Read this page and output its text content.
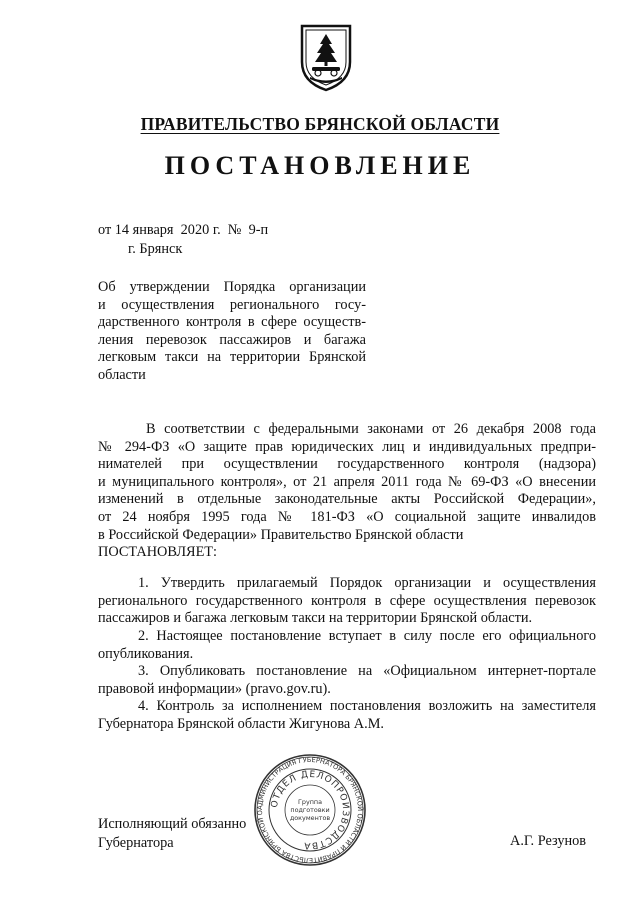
ПРАВИТЕЛЬСТВО БРЯНСКОЙ ОБЛАСТИ
ПОСТАНОВЛЕНИЕ
от 14 января  2020 г.  №  9-п
г. Брянск
Об утверждении Порядка организации
и осуществления регионального госу-
дарственного контроля в сфере осуществ-
ления перевозок пассажиров и багажа
легковым такси на территории Брянской
области
В соответствии с федеральными законами от 26 декабря 2008 года
№ 294-ФЗ «О защите прав юридических лиц и индивидуальных предпри-
нимателей при осуществлении государственного контроля (надзора)
и муниципального контроля», от 21 апреля 2011 года № 69-ФЗ «О внесении
изменений в отдельные законодательные акты Российской Федерации»,
от 24 ноября 1995 года № 181-ФЗ «О социальной защите инвалидов
в Российской Федерации» Правительство Брянской области
ПОСТАНОВЛЯЕТ:
1. Утвердить прилагаемый Порядок организации и осуществления
регионального государственного контроля в сфере осуществления перевозок
пассажиров и багажа легковым такси на территории Брянской области.
2. Настоящее постановление вступает в силу после его официального
опубликования.
3. Опубликовать постановление на «Официальном интернет-портале
правовой информации» (pravo.gov.ru).
4. Контроль за исполнением постановления возложить на заместителя
Губернатора Брянской области Жигунова А.М.
Исполняющий обязанно
Губернатора	А.Г. Резунов
АДМИНИСТРАЦИЯ ГУБЕРНАТОРА БРЯНСКОЙ ОБЛАСТИ И ПРАВИТЕЛЬСТВА БРЯНСКОЙ О
ОТДЕЛ ДЕЛОПРОИЗВОДСТВА
Группа
подготовки
документов
